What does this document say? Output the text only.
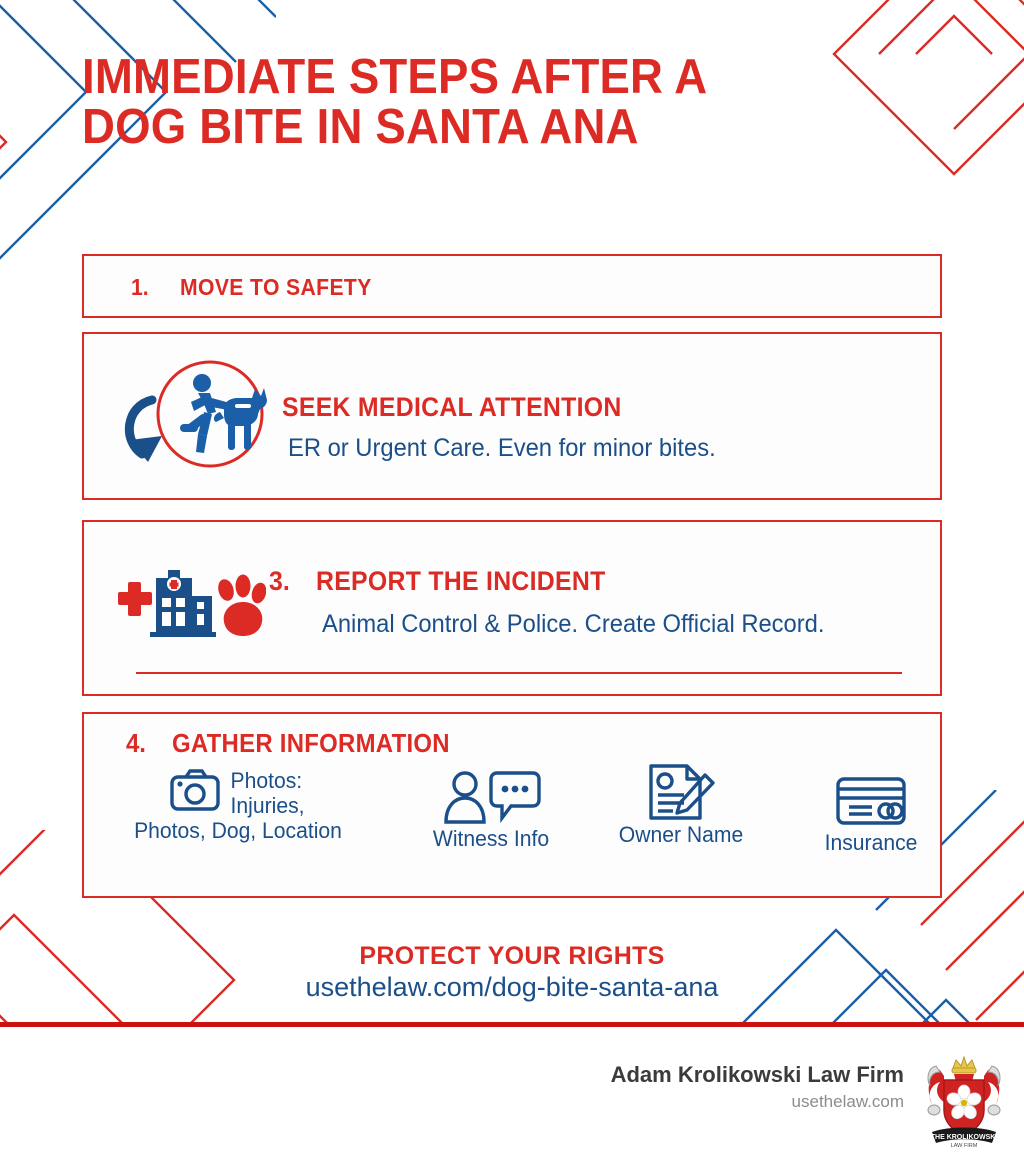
IMMEDIATE STEPS AFTER A
DOG BITE IN SANTA ANA
1. MOVE TO SAFETY
SEEK MEDICAL ATTENTION
ER or Urgent Care. Even for minor bites.
3. REPORT THE INCIDENT
Animal Control & Police. Create Official Record.
4. GATHER INFORMATION
Photos:
Injuries,
Photos, Dog, Location	Witness Info	Owner Name	Insurance
PROTECT YOUR RIGHTS
usethelaw.com/dog-bite-santa-ana
Adam Krolikowski Law Firm
usethelaw.com
THE KROLIKOWSKI
LAW FIRM
